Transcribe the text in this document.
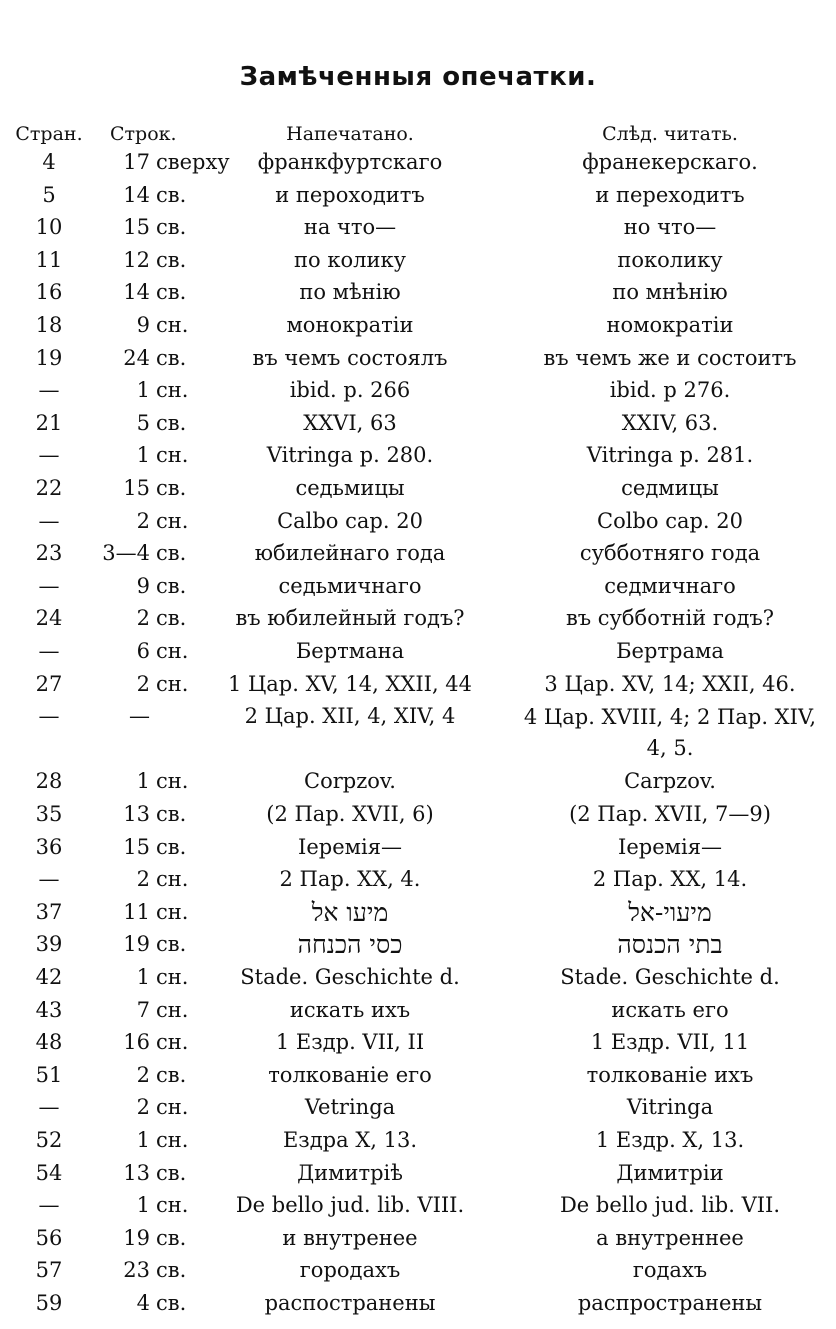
Замѣченныя опечатки.
Стран.	Строк.	Напечатано.	Слѣд. читать.
4	17 сверху	франкфуртскаго	франекерскаго.
5	14 св.	и пероходитъ	и переходитъ
10	15 св.	на что—	но что—
11	12 св.	по колику	поколику
16	14 св.	по мѣнію	по мнѣнію
18	9 сн.	монократіи	номократіи
19	24 св.	въ чемъ состоялъ	въ чемъ же и состоитъ
—	1 сн.	ibid. p. 266	ibid. p 276.
21	5 св.	XXVI, 63	XXIV, 63.
—	1 сн.	Vitringa p. 280.	Vitringa p. 281.
22	15 св.	седьмицы	седмицы
—	2 сн.	Calbo cap. 20	Colbo cap. 20
23	3—4 св.	юбилейнаго года	субботняго года
—	9 св.	седьмичнаго	седмичнаго
24	2 св.	въ юбилейный годъ?	въ субботній годъ?
—	6 сн.	Бертмана	Бертрама
27	2 сн.	1 Цар. XV, 14, XXII, 44	3 Цар. XV, 14; XXII, 46.
—	—	2 Цар. XII, 4, XIV, 4	4 Цар. XVIII, 4; 2 Пар. XIV, 4, 5.
28	1 сн.	Corpzov.	Carpzov.
35	13 св.	(2 Пар. XVII, 6)	(2 Пар. XVII, 7—9)
36	15 св.	Іеремія—	Іеремія—
—	2 сн.	2 Пар. XX, 4.	2 Пар. XX, 14.
37	11 сн.	מיעו אל	מיעוי-אל
39	19 св.	כסי הכנחה	בתי הכנסה
42	1 сн.	Stade. Geschichte d.	Stade. Geschichte d.
43	7 сн.	искать ихъ	искать его
48	16 сн.	1 Ездр. VII, II	1 Ездр. VII, 11
51	2 св.	толкованіе его	толкованіе ихъ
—	2 сн.	Vetringa	Vitringa
52	1 сн.	Ездра X, 13.	1 Ездр. X, 13.
54	13 св.	Димитріѣ	Димитріи
—	1 сн.	De bello jud. lib. VIII.	De bello jud. lib. VII.
56	19 св.	и внутренее	а внутреннее
57	23 св.	городахъ	годахъ
59	4 св.	распостранены	распространены
